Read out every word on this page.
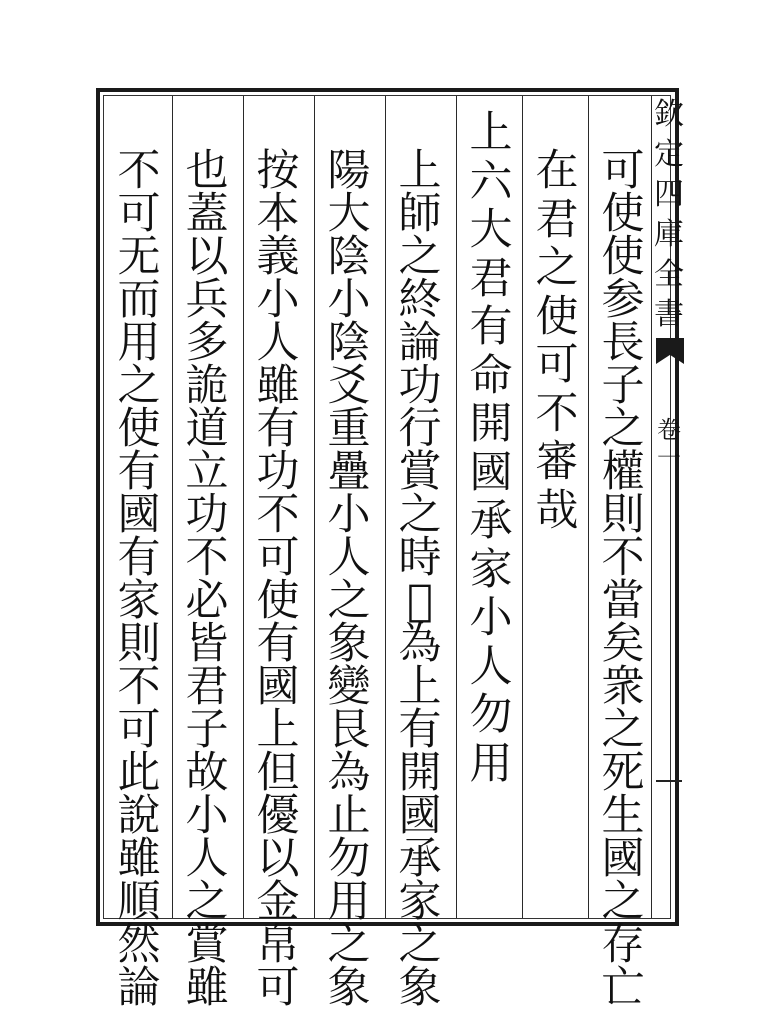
欽
定
四
庫
全
書
卷
一
可
使
使
参
長
子
之
權
則
不
當
矣
衆
之
死
生
國
之
存
亡
在
君
之
使
可
不
審
哉
上
六
大
君
有
命
開
國
承
家
小
人
勿
用
上
師
之
終
論
功
行
賞
之
時
𥘉
為
上
有
開
國
承
家
之
象
陽
大
陰
小
陰
爻
重
疊
小
人
之
象
變
艮
為
止
勿
用
之
象
按
本
義
小
人
雖
有
功
不
可
使
有
國
上
但
優
以
金
帛
可
也
蓋
以
兵
多
詭
道
立
功
不
必
皆
君
子
故
小
人
之
賞
雖
不
可
无
而
用
之
使
有
國
有
家
則
不
可
此
說
雖
順
然
論
